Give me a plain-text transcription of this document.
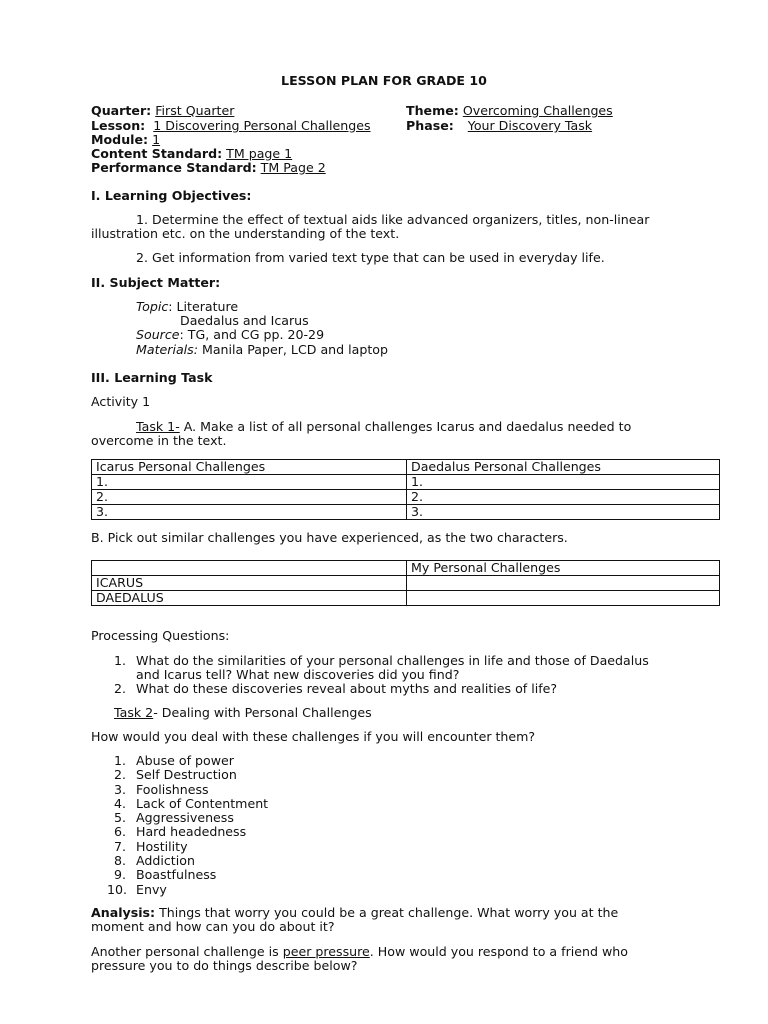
LESSON PLAN FOR GRADE 10
Quarter: First Quarter	Theme: Overcoming Challenges
Lesson: 1 Discovering Personal Challenges	Phase: Your Discovery Task
Module: 1
Content Standard: TM page 1
Performance Standard: TM Page 2
I. Learning Objectives:
1. Determine the effect of textual aids like advanced organizers, titles, non-linear
illustration etc. on the understanding of the text.
2. Get information from varied text type that can be used in everyday life.
II. Subject Matter:
Topic: Literature
Daedalus and Icarus
Source: TG, and CG pp. 20-29
Materials: Manila Paper, LCD and laptop
III. Learning Task
Activity 1
Task 1- A. Make a list of all personal challenges Icarus and daedalus needed to
overcome in the text.
Icarus Personal Challenges	Daedalus Personal Challenges
1.	1.
2.	2.
3.	3.
B. Pick out similar challenges you have experienced, as the two characters.
	My Personal Challenges
ICARUS	
DAEDALUS	
Processing Questions:
1. What do the similarities of your personal challenges in life and those of Daedalus
and Icarus tell? What new discoveries did you find?
2. What do these discoveries reveal about myths and realities of life?
Task 2- Dealing with Personal Challenges
How would you deal with these challenges if you will encounter them?
1. Abuse of power
2. Self Destruction
3. Foolishness
4. Lack of Contentment
5. Aggressiveness
6. Hard headedness
7. Hostility
8. Addiction
9. Boastfulness
10. Envy
Analysis: Things that worry you could be a great challenge. What worry you at the
moment and how can you do about it?
Another personal challenge is peer pressure. How would you respond to a friend who
pressure you to do things describe below?
